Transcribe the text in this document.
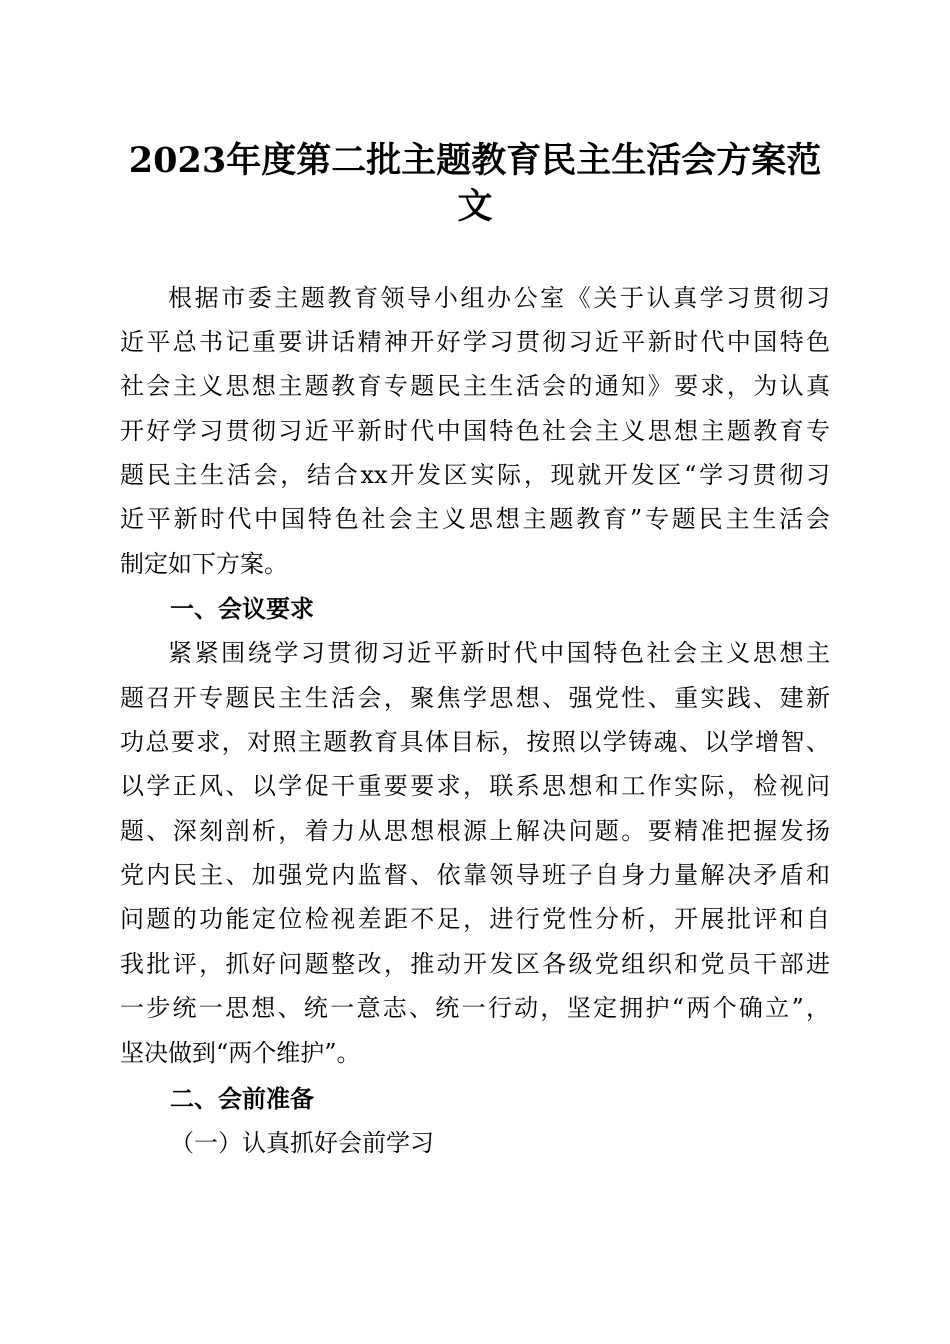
2023年度第二批主题教育民主生活会方案范
文
根据市委主题教育领导小组办公室《关于认真学习贯彻习
近平总书记重要讲话精神开好学习贯彻习近平新时代中国特色
社会主义思想主题教育专题民主生活会的通知》要求，为认真
开好学习贯彻习近平新时代中国特色社会主义思想主题教育专
题民主生活会，结合xx开发区实际，现就开发区“学习贯彻习
近平新时代中国特色社会主义思想主题教育”专题民主生活会
制定如下方案。
一、会议要求
紧紧围绕学习贯彻习近平新时代中国特色社会主义思想主
题召开专题民主生活会，聚焦学思想、强党性、重实践、建新
功总要求，对照主题教育具体目标，按照以学铸魂、以学增智、
以学正风、以学促干重要要求，联系思想和工作实际，检视问
题、深刻剖析，着力从思想根源上解决问题。要精准把握发扬
党内民主、加强党内监督、依靠领导班子自身力量解决矛盾和
问题的功能定位检视差距不足，进行党性分析，开展批评和自
我批评，抓好问题整改，推动开发区各级党组织和党员干部进
一步统一思想、统一意志、统一行动，坚定拥护“两个确立”，
坚决做到“两个维护”。
二、会前准备
（一）认真抓好会前学习
